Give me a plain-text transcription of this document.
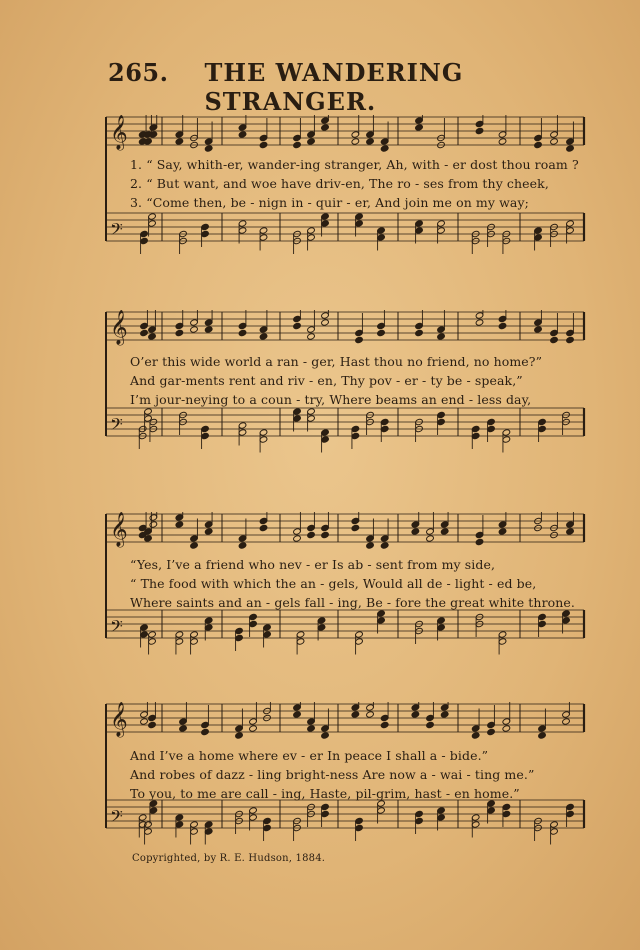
265. THE WANDERING STRANGER.
𝄞
𝄢
1. “ Say, whith-er, wander-ing stranger, Ah, with - er dost thou roam ?
2. “ But want, and woe have driv-en, The ro - ses from thy cheek,
3. “Come then, be - nign in - quir - er, And join me on my way;
𝄞
𝄢
O’er this wide world a ran - ger, Hast thou no friend, no home?”
And gar-ments rent and riv - en, Thy pov - er - ty be - speak,”
I’m jour-neying to a coun - try, Where beams an end - less day,
𝄞
𝄢
“Yes, I’ve a friend who nev - er Is ab - sent from my side,
“ The food with which the an - gels, Would all de - light - ed be,
Where saints and an - gels fall - ing, Be - fore the great white throne.
𝄞
𝄢
And I’ve a home where ev - er In peace I shall a - bide.”
And robes of dazz - ling bright-ness Are now a - wai - ting me.”
To you, to me are call - ing, Haste, pil-grim, hast - en home.”
Copyrighted, by R. E. Hudson, 1884.
